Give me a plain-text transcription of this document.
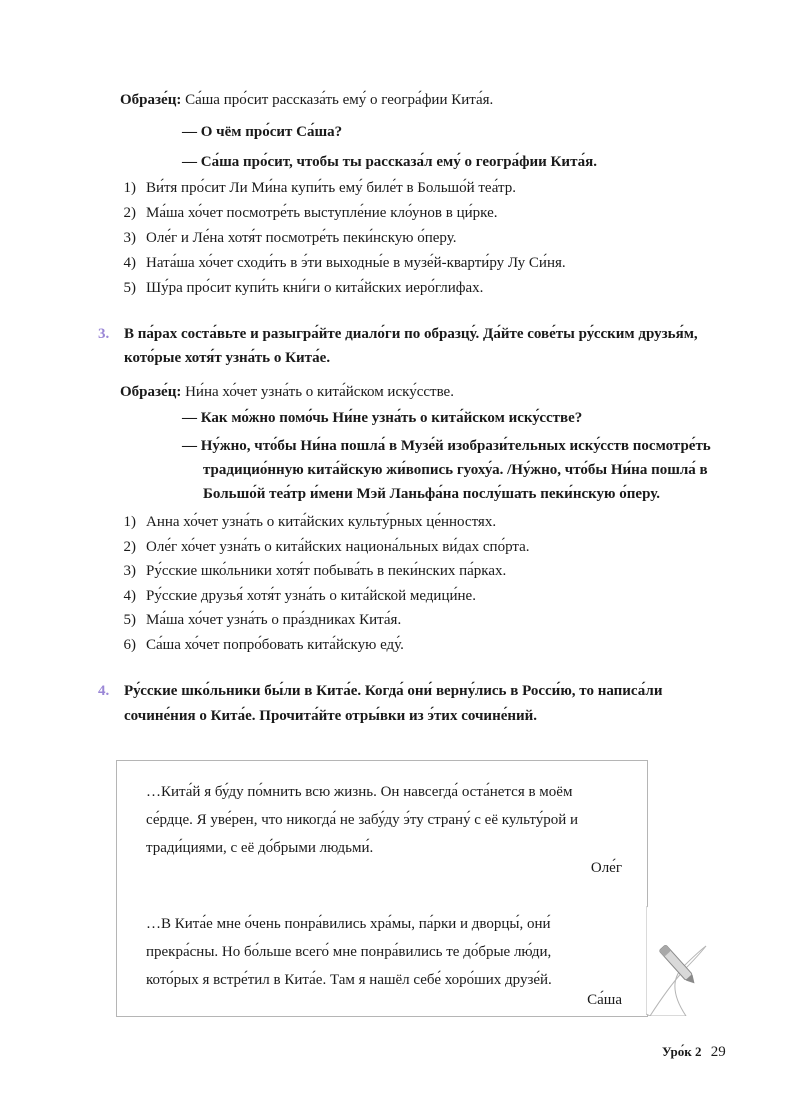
Образе́ц: Са́ша про́сит рассказа́ть ему́ о геогра́фии Кита́я.
— О чём про́сит Са́ша?
— Са́ша про́сит, чтобы ты рассказа́л ему́ о геогра́фии Кита́я.
1) Ви́тя про́сит Ли Ми́на купи́ть ему́ биле́т в Большо́й теа́тр.
2) Ма́ша хо́чет посмотре́ть выступле́ние кло́унов в ци́рке.
3) Оле́г и Ле́на хотя́т посмотре́ть пеки́нскую о́перу.
4) Ната́ша хо́чет сходи́ть в э́ти выходны́е в музе́й-кварти́ру Лу Си́ня.
5) Шу́ра про́сит купи́ть кни́ги о кита́йских иеро́глифах.
3. В па́рах соста́вьте и разыгра́йте диало́ги по образцу́. Да́йте сове́ты ру́сским друзья́м,
кото́рые хотя́т узна́ть о Кита́е.
Образе́ц: Ни́на хо́чет узна́ть о кита́йском иску́сстве.
— Как мо́жно помо́чь Ни́не узна́ть о кита́йском иску́сстве?
— Ну́жно, что́бы Ни́на пошла́ в Музе́й изобрази́тельных иску́сств посмотре́ть
традицио́нную кита́йскую жи́вопись гуоху́а. /Ну́жно, что́бы Ни́на пошла́ в
Большо́й теа́тр и́мени Мэй Ланьфа́на послу́шать пеки́нскую о́перу.
1) Анна хо́чет узна́ть о кита́йских культу́рных це́нностях.
2) Оле́г хо́чет узна́ть о кита́йских национа́льных ви́дах спо́рта.
3) Ру́сские шко́льники хотя́т побыва́ть в пеки́нских па́рках.
4) Ру́сские друзья́ хотя́т узна́ть о кита́йской медици́не.
5) Ма́ша хо́чет узна́ть о пра́здниках Кита́я.
6) Са́ша хо́чет попро́бовать кита́йскую еду́.
4. Ру́сские шко́льники бы́ли в Кита́е. Когда́ они́ верну́лись в Росси́ю, то написа́ли
сочине́ния о Кита́е. Прочита́йте отры́вки из э́тих сочине́ний.
…Кита́й я бу́ду по́мнить всю жизнь. Он навсегда́ оста́нется в моём
се́рдце. Я уве́рен, что никогда́ не забу́ду э́ту страну́ с её культу́рой и
тради́циями, с её до́брыми людьми́.
Оле́г
…В Кита́е мне о́чень понра́вились хра́мы, па́рки и дворцы́, они́
прекра́сны. Но бо́льше всего́ мне понра́вились те до́брые лю́ди,
кото́рых я встре́тил в Кита́е. Там я нашёл себе́ хоро́ших друзе́й.
Са́ша
Уро́к 2 29
